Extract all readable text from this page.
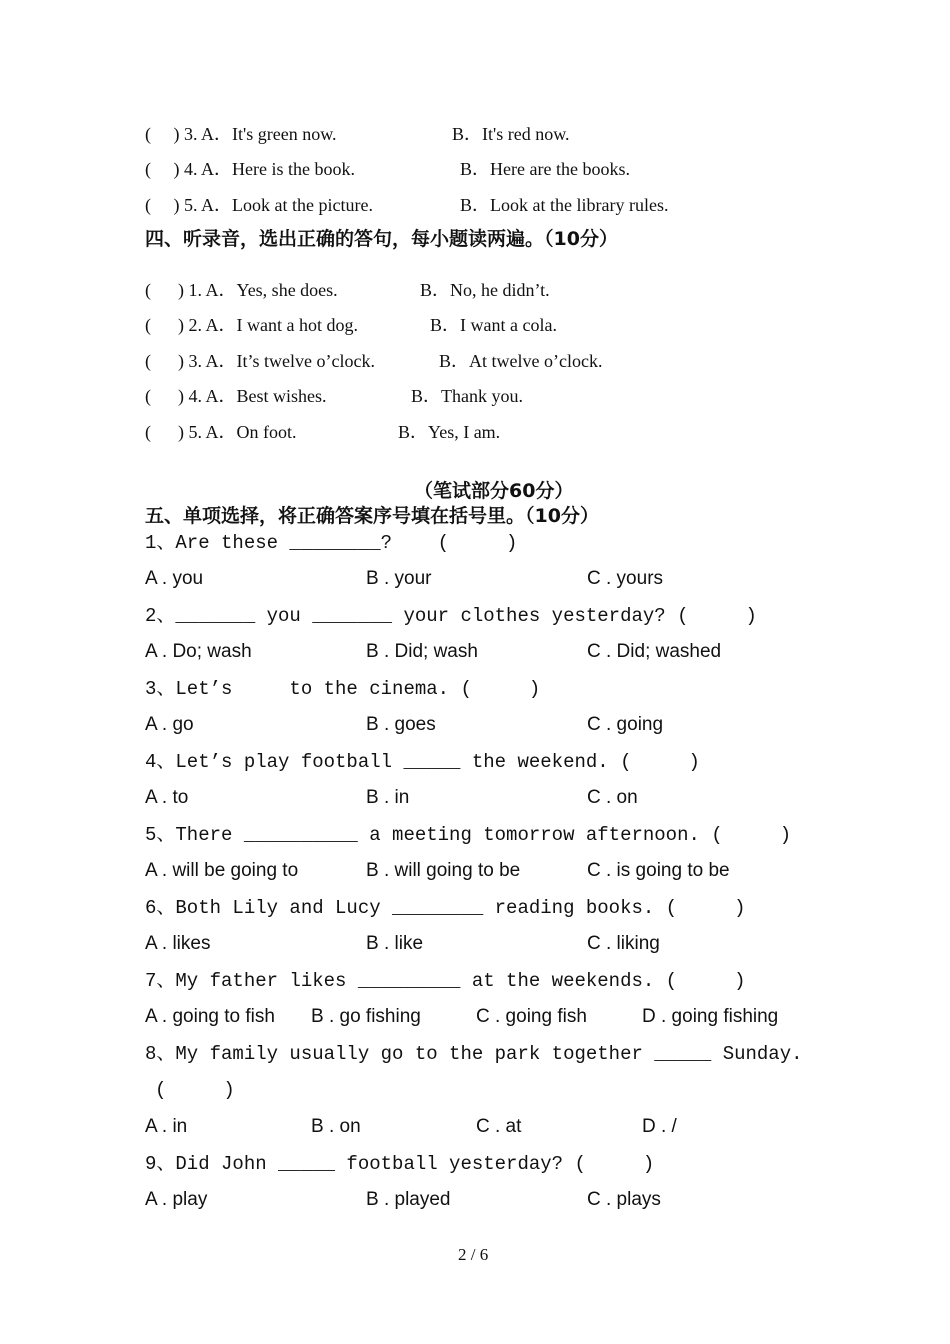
(     ) 3. A．It's green now.	B．It's red now.
(     ) 4. A．Here is the book.	B．Here are the books.
(     ) 5. A．Look at the picture.	B．Look at the library rules.
四、听录音，选出正确的答句，每小题读两遍。（10分）
(      ) 1. A．Yes, she does.	B．No, he didn’t.
(      ) 2. A．I want a hot dog.	B．I want a cola.
(      ) 3. A．It’s twelve o’clock.	B．At twelve o’clock.
(      ) 4. A．Best wishes.	B．Thank you.
(      ) 5. A．On foot.	B．Yes, I am.
（笔试部分60分）
五、单项选择，将正确答案序号填在括号里。（10分）
1、Are these ________?    (     )
A . you	B . your	C . yours
2、_______ you _______ your clothes yesterday? (     )
A . Do; wash	B . Did; wash	C . Did; washed
3、Let’s     to the cinema. (     )
A . go	B . goes	C . going
4、Let’s play football _____ the weekend. (     )
A . to	B . in	C . on
5、There __________ a meeting tomorrow afternoon. (     )
A . will be going to	B . will going to be	C . is going to be
6、Both Lily and Lucy ________ reading books. (     )
A . likes	B . like	C . liking
7、My father likes _________ at the weekends. (     )
A . going to fish B . go fishing	C . going fish	D . going fishing
8、My family usually go to the park together _____ Sunday.
(     )
A . in	B . on	C . at	D . /
9、Did John _____ football yesterday? (     )
A . play	B . played	C . plays
2 / 6
